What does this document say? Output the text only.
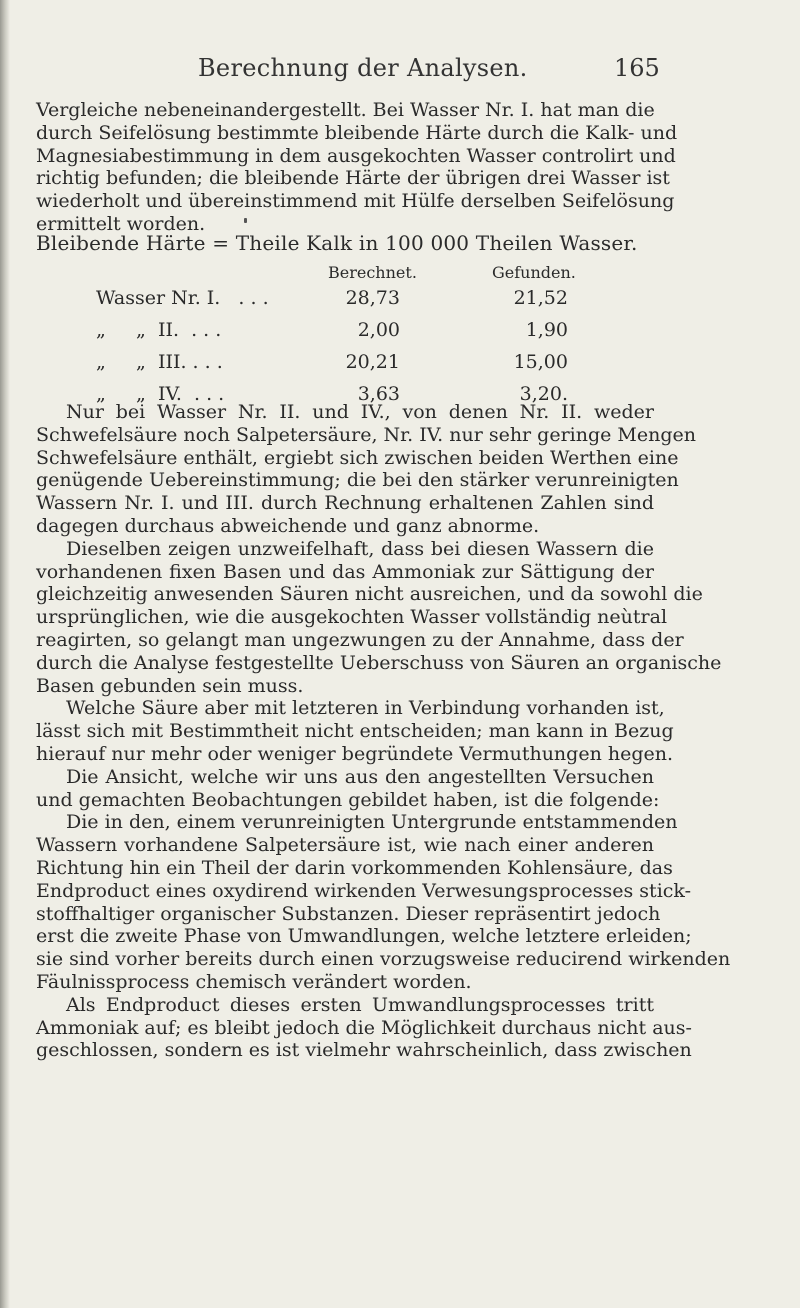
Berechnung der Analysen.	165

Vergleiche nebeneinandergestellt. Bei Wasser Nr. I. hat man die
durch Seifelösung bestimmte bleibende Härte durch die Kalk- und
Magnesiabestimmung in dem ausgekochten Wasser controlirt und
richtig befunden; die bleibende Härte der übrigen drei Wasser ist
wiederholt und übereinstimmend mit Hülfe derselben Seifelösung
ermittelt worden.

Bleibende Härte = Theile Kalk in 100 000 Theilen Wasser.
Berechnet.	Gefunden.
Wasser Nr. I.   . . .	28,73	21,52
„     „  II.  . . .	2,00	1,90
„     „  III. . . .	20,21	15,00
„     „  IV.  . . .	3,63	3,20.

Nur bei Wasser Nr. II. und IV., von denen Nr. II. weder
Schwefelsäure noch Salpetersäure, Nr. IV. nur sehr geringe Mengen
Schwefelsäure enthält, ergiebt sich zwischen beiden Werthen eine
genügende Uebereinstimmung; die bei den stärker verunreinigten
Wassern Nr. I. und III. durch Rechnung erhaltenen Zahlen sind
dagegen durchaus abweichende und ganz abnorme.

Dieselben zeigen unzweifelhaft, dass bei diesen Wassern die
vorhandenen fixen Basen und das Ammoniak zur Sättigung der
gleichzeitig anwesenden Säuren nicht ausreichen, und da sowohl die
ursprünglichen, wie die ausgekochten Wasser vollständig neùtral
reagirten, so gelangt man ungezwungen zu der Annahme, dass der
durch die Analyse festgestellte Ueberschuss von Säuren an organische
Basen gebunden sein muss.

Welche Säure aber mit letzteren in Verbindung vorhanden ist,
lässt sich mit Bestimmtheit nicht entscheiden; man kann in Bezug
hierauf nur mehr oder weniger begründete Vermuthungen hegen.

Die Ansicht, welche wir uns aus den angestellten Versuchen
und gemachten Beobachtungen gebildet haben, ist die folgende:

Die in den, einem verunreinigten Untergrunde entstammenden
Wassern vorhandene Salpetersäure ist, wie nach einer anderen
Richtung hin ein Theil der darin vorkommenden Kohlensäure, das
Endproduct eines oxydirend wirkenden Verwesungsprocesses stick-
stoffhaltiger organischer Substanzen. Dieser repräsentirt jedoch
erst die zweite Phase von Umwandlungen, welche letztere erleiden;
sie sind vorher bereits durch einen vorzugsweise reducirend wirkenden
Fäulnissprocess chemisch verändert worden.

Als Endproduct dieses ersten Umwandlungsprocesses tritt
Ammoniak auf; es bleibt jedoch die Möglichkeit durchaus nicht aus-
geschlossen, sondern es ist vielmehr wahrscheinlich, dass zwischen
